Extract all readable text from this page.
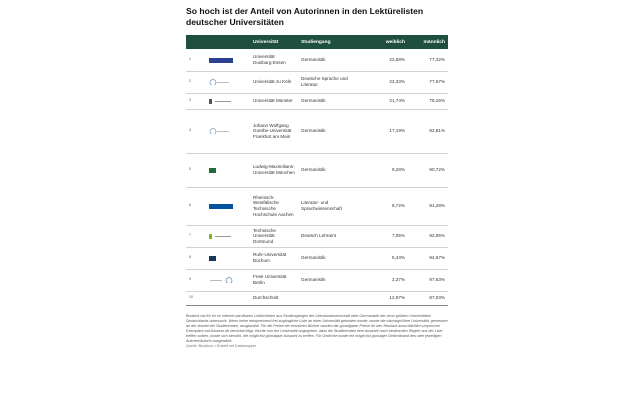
So hoch ist der Anteil von Autorinnen in den Lektürelisten
deutscher Universitäten
		Universität	Studiengang	weiblich	männlich
1		Universität Duisburg-Essen	Germanistik	22,58%	77,42%
2		Universität zu Köln	Deutsche Sprache und Literatur	22,33%	77,67%
3		Universität Münster	Germanistik	21,74%	78,26%
4		Johann Wolfgang Goethe-Universität Frankfurt am Main	Germanistik	17,19%	82,81%
5		Ludwig-Maximilians-Universität München	Germanistik	9,28%	90,72%
6		Rheinisch-Westfälische Technische Hochschule Aachen	Literatur- und Sprachwissenschaft	8,72%	91,28%
7		Technische Universität Dortmund	Deutsch Lehramt	7,05%	92,95%
8		Ruhr-Universität Bochum	Germanistik	5,43%	94,57%
9		Freie Universität Berlin	Germanistik	2,37%	97,63%
10		Durchschnitt		12,97%	87,03%
Booktok hat für ihr im Internet abrufbaren Lektürelisten aus Studiengängen der Literaturwissenschaft oder Germanistik der neun größten Universitäten Deutschlands untersucht. Wenn keine entsprechend frei zugängliche Liste an einer Universität gefunden wurde, wurde die nächstgrößere Universität, gemessen an der Anzahl der Studierenden, ausgewählt. Für die Preise der einzelnen Bücher wurden die günstigsten Preise für den Neukauf ausschließlich physischer Exemplare auf Amazon.de berücksichtigt. Wurde von der Universität angegeben, dass die Studierenden eine Auswahl nach bestimmten Regeln aus der Liste treffen sollten, wurde sich bemüht, die möglichst günstigste Auswahl zu treffen. Für Gedichte wurde ein möglichst günstiger Gedichtband des oder jeweiligen Autoren/Autorin ausgewählt.
Quelle: Booktoor • Erstellt mit Datawrapper
